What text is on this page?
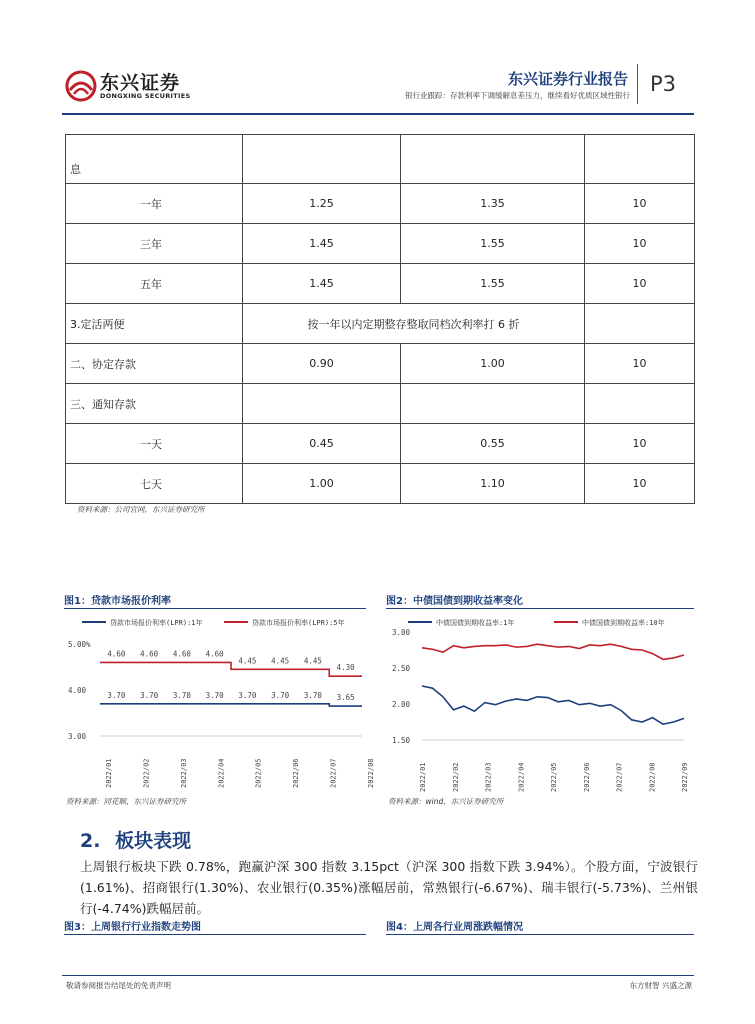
东兴证券
DONGXING SECURITIES
东兴证券行业报告
银行业跟踪：存款利率下调缓解息差压力，继续看好优质区域性银行 P3
息			
一年	1.25	1.35	10
三年	1.45	1.55	10
五年	1.45	1.55	10
3.定活两便	按一年以内定期整存整取同档次利率打 6 折		
二、协定存款	0.90	1.00	10
三、通知存款			
一天	0.45	0.55	10
七天	1.00	1.10	10
资料来源：公司官网，东兴证券研究所
图1：贷款市场报价利率
贷款市场报价利率(LPR):1年	贷款市场报价利率(LPR):5年
3.00
4.00
5.00%
2022/01	2022/02	2022/03	2022/04	2022/05	2022/06	2022/07	2022/08
3.70 3.70 3.70 3.70 3.70 3.70 3.70 3.65
4.60 4.60 4.60 4.60
4.45 4.45 4.45
4.30
资料来源：同花顺，东兴证券研究所
图2：中债国债到期收益率变化
中债国债到期收益率:1年	中债国债到期收益率:10年
1.50
2.00
2.50
3.00
2022/01	2022/02	2022/03	2022/04	2022/05	2022/06	2022/07	2022/08	2022/09
资料来源：wind，东兴证券研究所
2. 板块表现
上周银行板块下跌 0.78%，跑赢沪深 300 指数 3.15pct（沪深 300 指数下跌 3.94%）。个股方面，宁波银行(1.61%)、招商银行(1.30%)、农业银行(0.35%)涨幅居前，常熟银行(-6.67%)、瑞丰银行(-5.73%)、兰州银行(-4.74%)跌幅居前。
图3：上周银行行业指数走势图	图4：上周各行业周涨跌幅情况
敬请参阅报告结尾处的免责声明	东方财智 兴盛之源
